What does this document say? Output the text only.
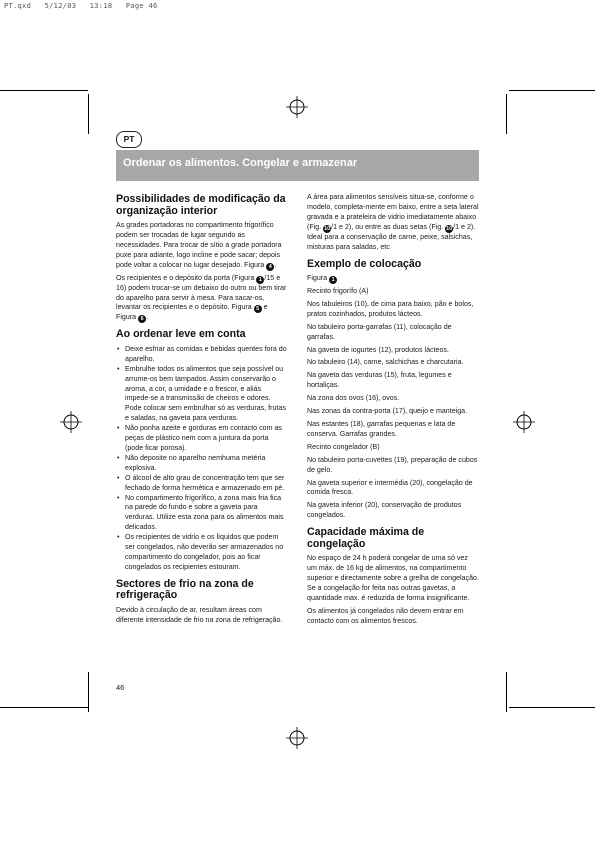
PT.qxd   5/12/03   13:18   Page 46
PT
Ordenar os alimentos. Congelar e armazenar
Possibilidades de modificação da organização interior

As grades portadoras no compartimento frigorífico podem ser trocadas de lugar segundo as necessidades. Para trocar de sítio a grade portadora puxe para adiante, logo incline e pode sacar; depois pode voltar a colocar no lugar desejado. Figura 4 .

Os recipientes e o depósito da porta (Figura 1 /15 e 16) podem trocar-se um debaixo do outro ou bem tirar do aparelho para servir à mesa. Para sacar-os, levantar os recipientes e o depósito. Figura 5 e Figura 6 .

Ao ordenar leve em conta
• Deixe esfriar as comidas e bebidas quentes fora do aparelho.
• Embrulhe todos os alimentos que seja possível ou arrume-os bem tampados. Assim conservarão o aroma, a cor, a umidade e o frescor, e aliás impede-se a transmissão de cheiros e odores. Pode colocar sem embrulhar só as verduras, frutas e saladas, na gaveta para verduras.
• Não ponha azeite e gorduras em contacto com as peças de plástico nem com a juntura da porta (pode ficar porosa).
• Não deposite no aparelho nemhuma metéria explosiva.
• O álcool de alto grau de concentração tem que ser fechado de forma hermética e armazenado em pé.
• No compartimento frigorífico, a zona mais fria fica na parede do fundo e sobre a gaveta para verduras. Utilize esta zona para os alimentos mais delicados.
• Os recipientes de vidrio e os líquidos que podem ser congelados, não deverão ser armazenados no compartimento do congelador, pois ao ficar congelados os recipientes estouram.
Sectores de frio na zona de refrigeração

Devido à circulação de ar, resultam áreas com diferente intensidade de frio na zona de refrigeração.

46

A área para alimentos sensíveis situa-se, conforme o modelo, completa-mente em baixo, entre a seta lateral gravada e a prateleira de vidrio imediatamente abaixo (Fig. 10/1 e 2), ou entre as duas setas (Fig. 10/1 e 2).

Ideal para a conservação de carne, peixe, salsichas, misturas para saladas, etc

Exemplo de colocação

Figura 1

Recinto frigorífo (A)

Nos tabuleiros (10), de cima para baixo, pão e bolos, pratos cozinhados, produtos lácteos.

No tabuleiro porta-garrafas (11), colocação de garrafas.

Na gaveta de iogurtes (12), produtos lácteos.

No tabuleiro (14), carne, salchichas e charcutaria.

Na gaveta das verduras (15), fruta, legumes e hortaliças.

Na zona dos ovos (16), ovos.

Nas zonas da contra-porta (17), queijo e manteiga.

Nas estantes (18), garrafas pequenas e lata de conserva. Garrafas grandes.

Recinto congelador (B)

No tabuleiro porta-cuvettes (19), preparação de cubos de gelo.

Na gaveta superior e intermédia (20), congelação de comida fresca.

Na gaveta inferior (20), conservação de produtos congelados.

Capacidade máxima de congelação

No espaço de 24 h poderá congelar de uma só vez um máx. de 16 kg de alimentos, na compartimento superior e directamente sobre a grelha de congelação. Se a congelação for feita nas outras gavetas, a quantidade max. é reduzida de forma insignificante.

Os alimentos já congelados não devem entrar em contacto com os alimentos frescos.
